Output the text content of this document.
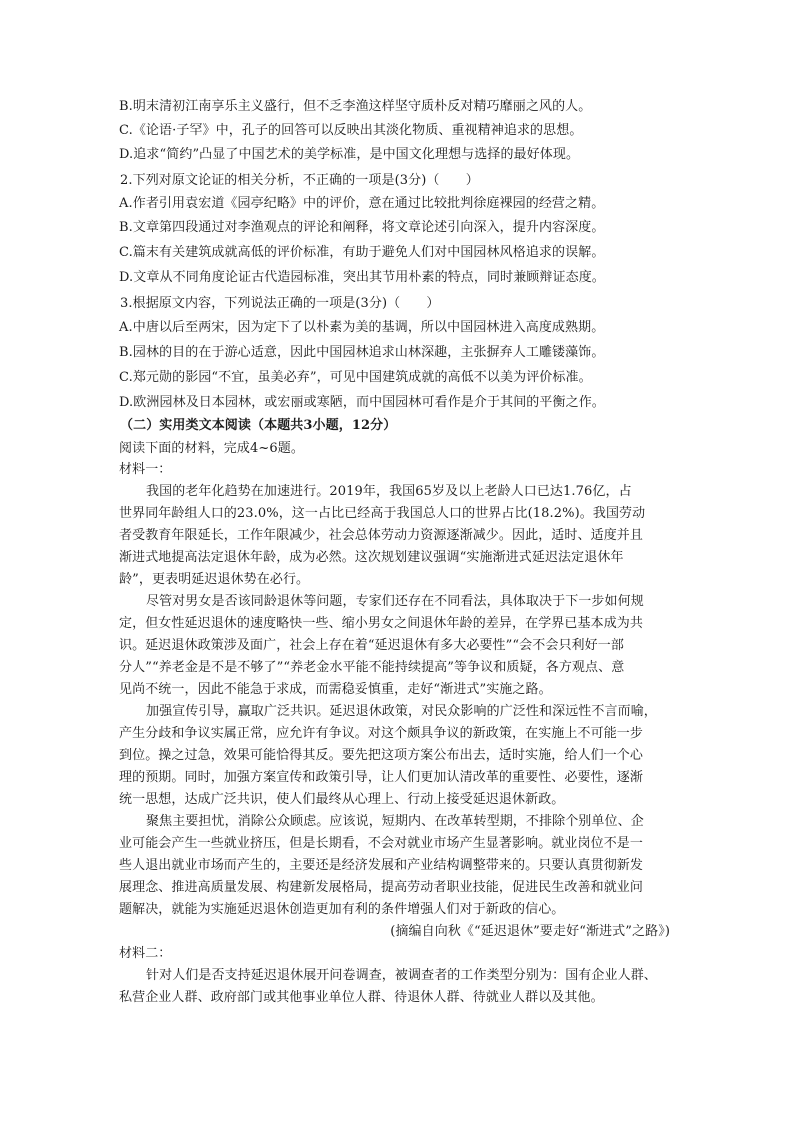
B.明末清初江南享乐主义盛行，但不乏李渔这样坚守质朴反对精巧靡丽之风的人。
C.《论语·子罕》中，孔子的回答可以反映出其淡化物质、重视精神追求的思想。
D.追求“简约”凸显了中国艺术的美学标准，是中国文化理想与选择的最好体现。
2.下列对原文论证的相关分析，不正确的一项是(3分)（　　）
A.作者引用袁宏道《园亭纪略》中的评价，意在通过比较批判徐庭裸园的经营之精。
B.文章第四段通过对李渔观点的评论和阐释，将文章论述引向深入，提升内容深度。
C.篇末有关建筑成就高低的评价标准，有助于避免人们对中国园林风格追求的误解。
D.文章从不同角度论证古代造园标准，突出其节用朴素的特点，同时兼顾辩证态度。
3.根据原文内容，下列说法正确的一项是(3分)（　　）
A.中唐以后至两宋，因为定下了以朴素为美的基调，所以中国园林进入高度成熟期。
B.园林的目的在于游心适意，因此中国园林追求山林深趣，主张摒弃人工雕镂藻饰。
C.郑元勋的影园“不宜，虽美必弃”，可见中国建筑成就的高低不以美为评价标准。
D.欧洲园林及日本园林，或宏丽或寒陋，而中国园林可看作是介于其间的平衡之作。
（二）实用类文本阅读（本题共3小题，12分）
阅读下面的材料，完成4~6题。
材料一：
我国的老年化趋势在加速进行。2019年，我国65岁及以上老龄人口已达1.76亿，占
世界同年龄组人口的23.0%，这一占比已经高于我国总人口的世界占比(18.2%)。我国劳动
者受教育年限延长，工作年限减少，社会总体劳动力资源逐渐减少。因此，适时、适度并且
渐进式地提高法定退休年龄，成为必然。这次规划建议强调“实施渐进式延迟法定退休年
龄”，更表明延迟退休势在必行。
尽管对男女是否该同龄退休等问题，专家们还存在不同看法，具体取决于下一步如何规
定，但女性延迟退休的速度略快一些、缩小男女之间退休年龄的差异，在学界已基本成为共
识。延迟退休政策涉及面广，社会上存在着“延迟退休有多大必要性”“会不会只利好一部
分人”“养老金是不是不够了”“养老金水平能不能持续提高”等争议和质疑，各方观点、意
见尚不统一，因此不能急于求成，而需稳妥慎重，走好“渐进式”实施之路。
加强宣传引导，赢取广泛共识。延迟退休政策，对民众影响的广泛性和深远性不言而喻，
产生分歧和争议实属正常，应允许有争议。对这个颇具争议的新政策，在实施上不可能一步
到位。操之过急，效果可能恰得其反。要先把这项方案公布出去，适时实施，给人们一个心
理的预期。同时，加强方案宣传和政策引导，让人们更加认清改革的重要性、必要性，逐渐
统一思想，达成广泛共识，使人们最终从心理上、行动上接受延迟退休新政。
聚焦主要担忧，消除公众顾虑。应该说，短期内、在改革转型期，不排除个别单位、企
业可能会产生一些就业挤压，但是长期看，不会对就业市场产生显著影响。就业岗位不是一
些人退出就业市场而产生的，主要还是经济发展和产业结构调整带来的。只要认真贯彻新发
展理念、推进高质量发展、构建新发展格局，提高劳动者职业技能，促进民生改善和就业问
题解决，就能为实施延迟退休创造更加有利的条件增强人们对于新政的信心。
(摘编自向秋《“延迟退休”要走好“渐进式”之路》)
材料二：
针对人们是否支持延迟退休展开问卷调查，被调查者的工作类型分别为：国有企业人群、
私营企业人群、政府部门或其他事业单位人群、待退休人群、待就业人群以及其他。
